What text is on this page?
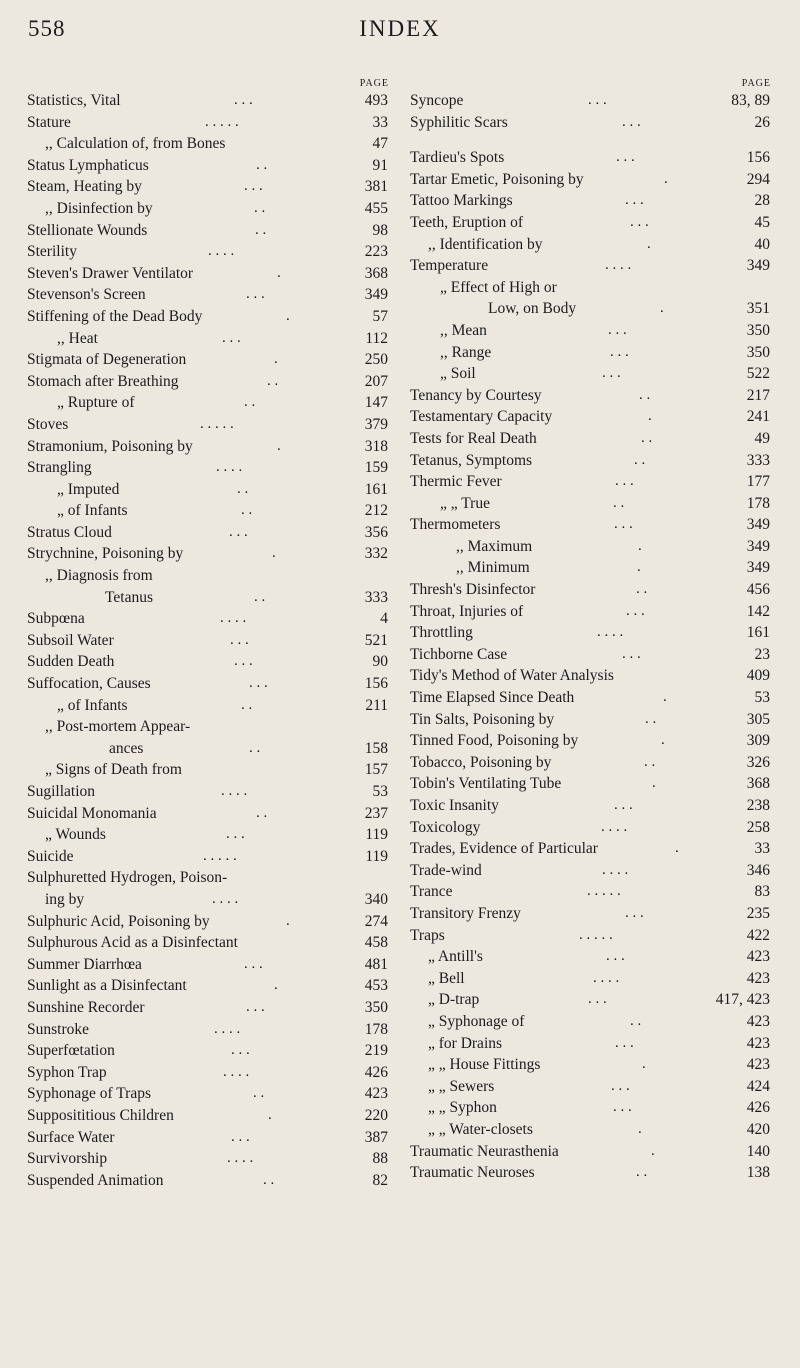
558	INDEX
PAGE
Statistics, Vital	. . .	493
Stature	. . . . .	33
,, Calculation of, from Bones	47
Status Lymphaticus	. .	91
Steam, Heating by	. . .	381
,, Disinfection by	. .	455
Stellionate Wounds	. .	98
Sterility	. . . .	223
Steven's Drawer Ventilator	.	368
Stevenson's Screen	. . .	349
Stiffening of the Dead Body	.	57
,, Heat	. . .	112
Stigmata of Degeneration	.	250
Stomach after Breathing	. .	207
„ Rupture of	. .	147
Stoves	. . . . .	379
Stramonium, Poisoning by	.	318
Strangling	. . . .	159
„ Imputed	. .	161
„ of Infants	. .	212
Stratus Cloud	. . .	356
Strychnine, Poisoning by	.	332
,, Diagnosis from
Tetanus	. .	333
Subpœna	. . . .	4
Subsoil Water	. . .	521
Sudden Death	. . .	90
Suffocation, Causes	. . .	156
„ of Infants	. .	211
,, Post-mortem Appear-
ances	. .	158
„ Signs of Death from	157
Sugillation	. . . .	53
Suicidal Monomania	. .	237
„ Wounds	. . .	119
Suicide	. . . . .	119
Sulphuretted Hydrogen, Poison-
ing by	. . . .	340
Sulphuric Acid, Poisoning by	.	274
Sulphurous Acid as a Disinfectant	458
Summer Diarrhœa	. . .	481
Sunlight as a Disinfectant	.	453
Sunshine Recorder	. . .	350
Sunstroke	. . . .	178
Superfœtation	. . .	219
Syphon Trap	. . . .	426
Syphonage of Traps	. .	423
Supposititious Children	.	220
Surface Water	. . .	387
Survivorship	. . . .	88
Suspended Animation	. .	82
PAGE
Syncope	. . .	83, 89
Syphilitic Scars	. . .	26
Tardieu's Spots	. . .	156
Tartar Emetic, Poisoning by	.	294
Tattoo Markings	. . .	28
Teeth, Eruption of	. . .	45
,, Identification by	.	40
Temperature	. . . .	349
„ Effect of High or
Low, on Body	.	351
,, Mean	. . .	350
,, Range	. . .	350
„ Soil	. . .	522
Tenancy by Courtesy	. .	217
Testamentary Capacity	.	241
Tests for Real Death	. .	49
Tetanus, Symptoms	. .	333
Thermic Fever	. . .	177
„ „ True	. .	178
Thermometers	. . .	349
,, Maximum	.	349
,, Minimum	.	349
Thresh's Disinfector	. .	456
Throat, Injuries of	. . .	142
Throttling	. . . .	161
Tichborne Case	. . .	23
Tidy's Method of Water Analysis	409
Time Elapsed Since Death	.	53
Tin Salts, Poisoning by	. .	305
Tinned Food, Poisoning by	.	309
Tobacco, Poisoning by	. .	326
Tobin's Ventilating Tube	.	368
Toxic Insanity	. . .	238
Toxicology	. . . .	258
Trades, Evidence of Particular	.	33
Trade-wind	. . . .	346
Trance	. . . . .	83
Transitory Frenzy	. . .	235
Traps	. . . . .	422
„ Antill's	. . .	423
„ Bell	. . . .	423
„ D-trap	. . .	417, 423
„ Syphonage of	. .	423
„ for Drains	. . .	423
„ „ House Fittings	.	423
„ „ Sewers	. . .	424
„ „ Syphon	. . .	426
„ „ Water-closets	.	420
Traumatic Neurasthenia	.	140
Traumatic Neuroses	. .	138
